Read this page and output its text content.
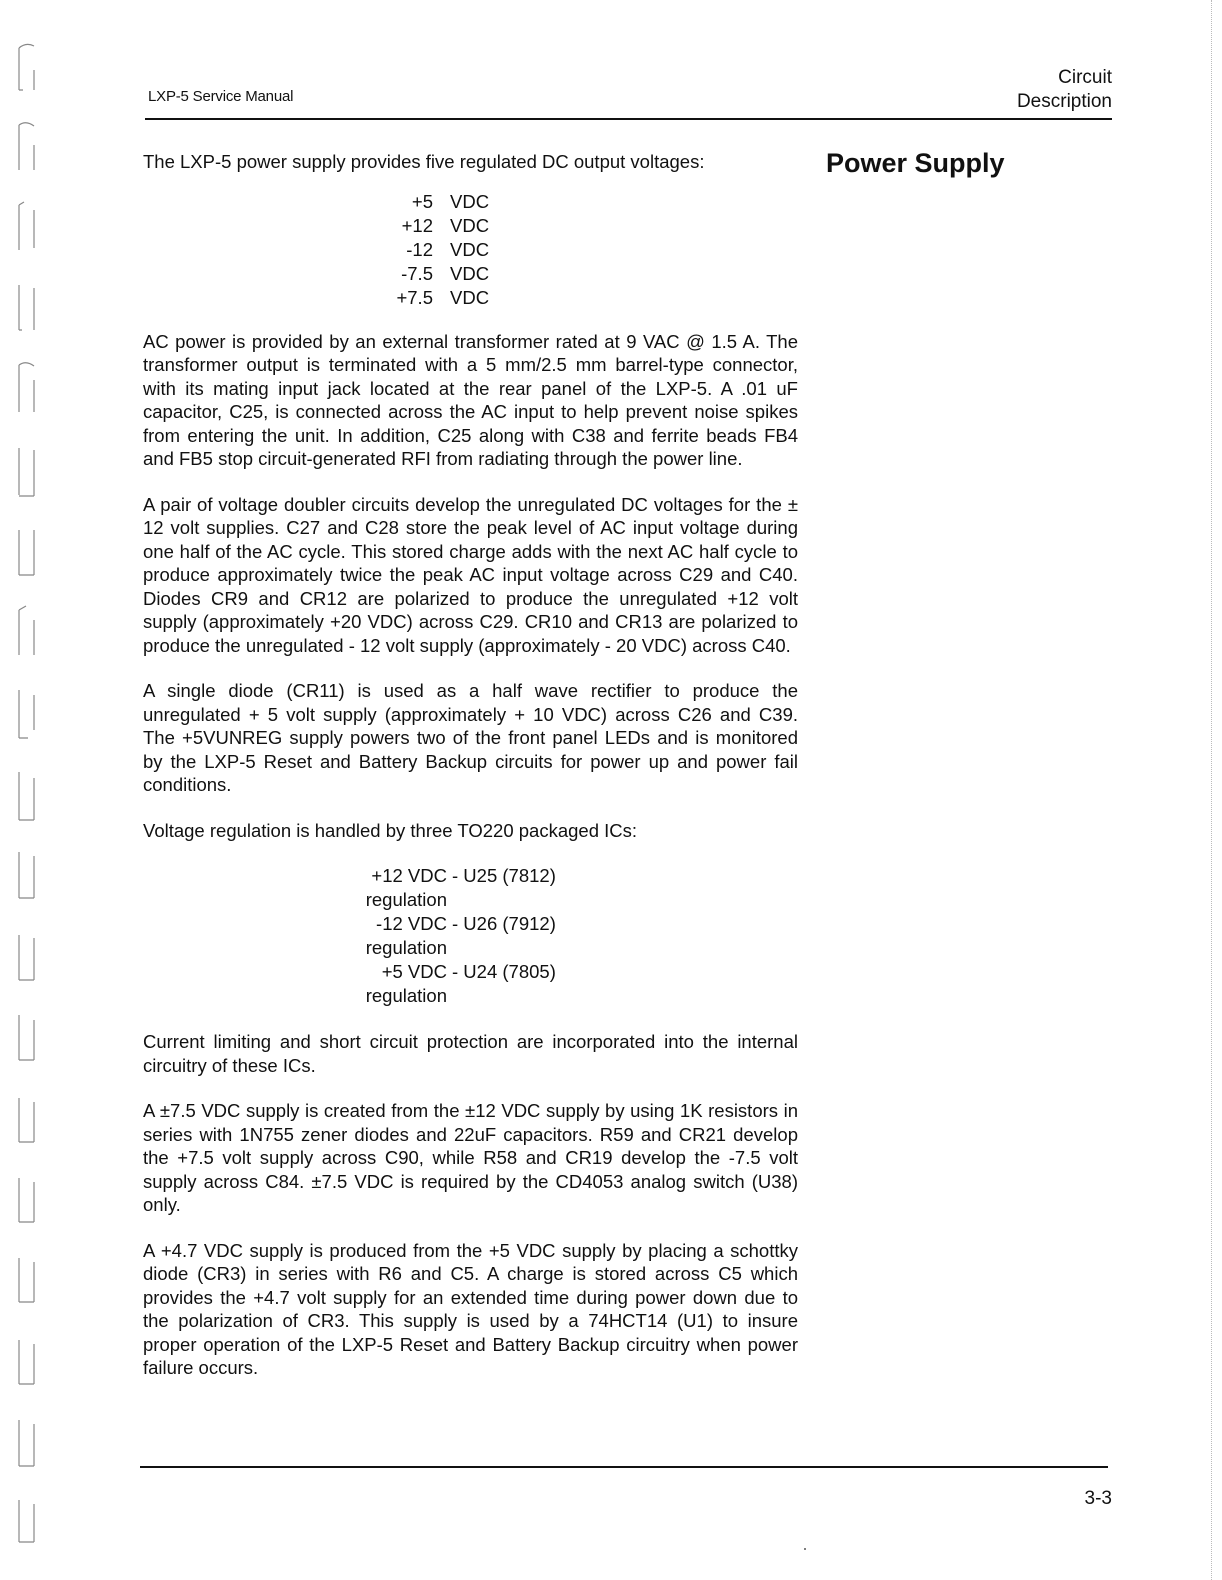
LXP-5 Service Manual
Circuit
Description
Power Supply

The LXP-5 power supply provides five regulated DC output voltages:

+5 VDC
+12 VDC
-12 VDC
-7.5 VDC
+7.5 VDC

AC power is provided by an external transformer rated at 9 VAC @ 1.5 A. The transformer output is terminated with a 5 mm/2.5 mm barrel-type connector, with its mating input jack located at the rear panel of the LXP-5. A .01 uF capacitor, C25, is connected across the AC input to help prevent noise spikes from entering the unit. In addition, C25 along with C38 and ferrite beads FB4 and FB5 stop circuit-generated RFI from radiating through the power line.

A pair of voltage doubler circuits develop the unregulated DC voltages for the ± 12 volt supplies. C27 and C28 store the peak level of AC input voltage during one half of the AC cycle. This stored charge adds with the next AC half cycle to produce approximately twice the peak AC input voltage across C29 and C40. Diodes CR9 and CR12 are polarized to produce the unregulated +12 volt supply (approximately +20 VDC) across C29. CR10 and CR13 are polarized to produce the unregulated - 12 volt supply (approximately - 20 VDC) across C40.

A single diode (CR11) is used as a half wave rectifier to produce the unregulated + 5 volt supply (approximately + 10 VDC) across C26 and C39. The +5VUNREG supply powers two of the front panel LEDs and is monitored by the LXP-5 Reset and Battery Backup circuits for power up and power fail conditions.

Voltage regulation is handled by three TO220 packaged ICs:

+12 VDC regulation
- U25 (7812)
-12 VDC regulation
- U26 (7912)
+5 VDC regulation
- U24 (7805)

Current limiting and short circuit protection are incorporated into the internal circuitry of these ICs.

A ±7.5 VDC supply is created from the ±12 VDC supply by using 1K resistors in series with 1N755 zener diodes and 22uF capacitors. R59 and CR21 develop the +7.5 volt supply across C90, while R58 and CR19 develop the -7.5 volt supply across C84. ±7.5 VDC is required by the CD4053 analog switch (U38) only.

A +4.7 VDC supply is produced from the +5 VDC supply by placing a schottky diode (CR3) in series with R6 and C5. A charge is stored across C5 which provides the +4.7 volt supply for an extended time during power down due to the polarization of CR3. This supply is used by a 74HCT14 (U1) to insure proper operation of the LXP-5 Reset and Battery Backup circuitry when power failure occurs.

3-3
